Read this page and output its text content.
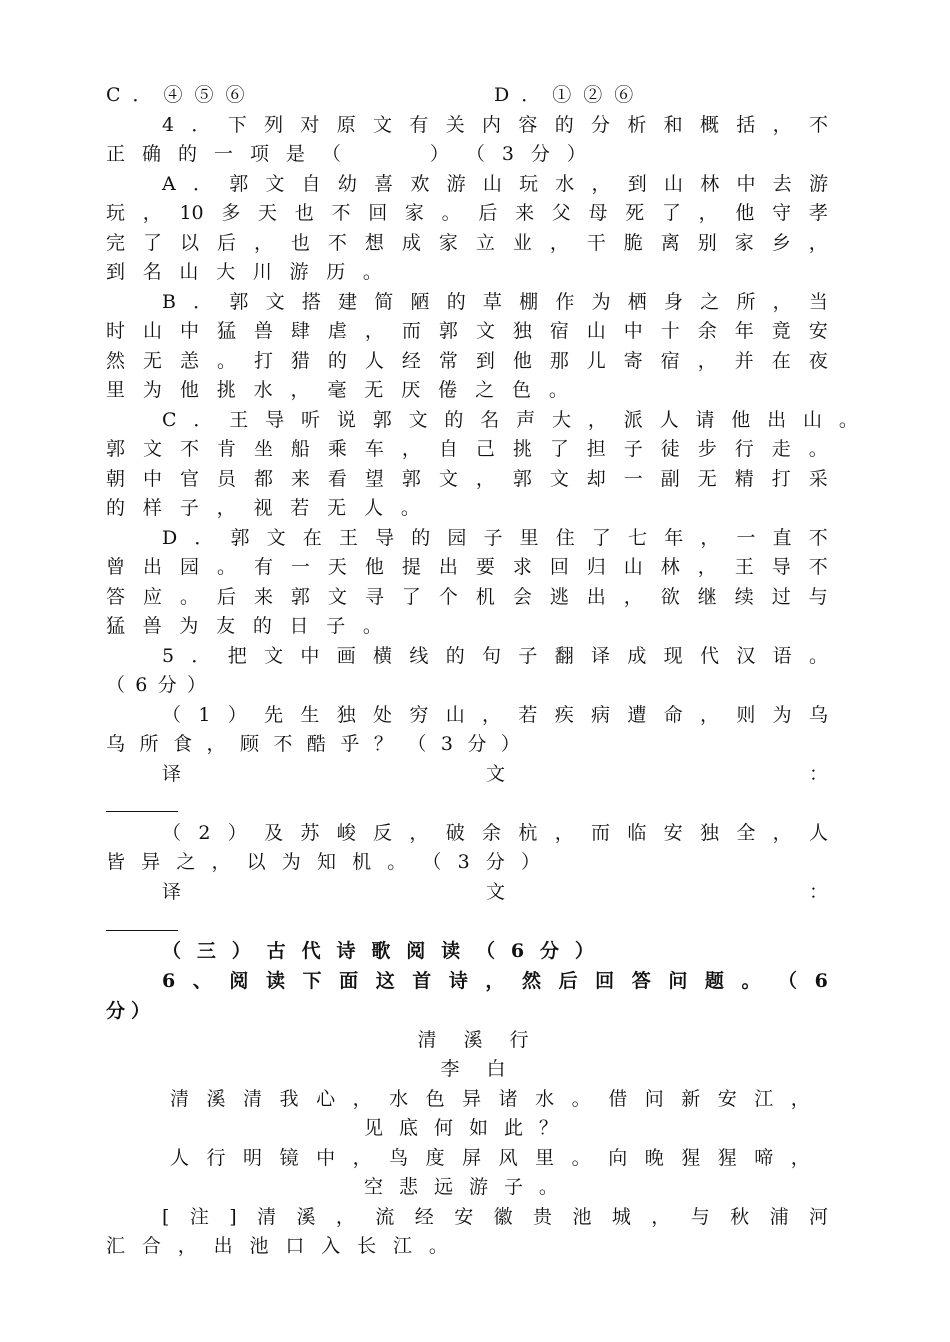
C．④⑤⑥	D．①②⑥
4 ． 下 列 对 原 文 有 关 内 容 的 分 析 和 概 括 ， 不
正 确 的 一 项 是 （

　	） （ 3 分 ）
A ． 郭 文 自 幼 喜 欢 游 山 玩 水 ， 到 山 林 中 去 游
玩 ， 10 多 天 也 不 回 家 。 后 来 父 母 死 了 ， 他 守 孝
完 了 以 后 ， 也 不 想 成 家 立 业 ， 干 脆 离 别 家 乡 ，
到 名 山 大 川 游 历 。
B ． 郭 文 搭 建 简 陋 的 草 棚 作 为 栖 身 之 所 ， 当
时 山 中 猛 兽 肆 虐 ， 而 郭 文 独 宿 山 中 十 余 年 竟 安
然 无 恙 。 打 猎 的 人 经 常 到 他 那 儿 寄 宿 ， 并 在 夜
里 为 他 挑 水 ， 毫 无 厌 倦 之 色 。
C ． 王 导 听 说 郭 文 的 名 声 大 ， 派 人 请 他 出 山 。
郭 文 不 肯 坐 船 乘 车 ， 自 己 挑 了 担 子 徒 步 行 走 。
朝 中 官 员 都 来 看 望 郭 文 ， 郭 文 却 一 副 无 精 打 采
的 样 子 ， 视 若 无 人 。
D ． 郭 文 在 王 导 的 园 子 里 住 了 七 年 ， 一 直 不
曾 出 园 。 有 一 天 他 提 出 要 求 回 归 山 林 ， 王 导 不
答 应 。 后 来 郭 文 寻 了 个 机 会 逃 出 ， 欲 继 续 过 与
猛 兽 为 友 的 日 子 。
5 ． 把 文 中 画 横 线 的 句 子 翻 译 成 现 代 汉 语 。
（ 6 分 ）
（ 1 ） 先 生 独 处 穷 山 ， 若 疾 病 遭 命 ， 则 为 乌
乌 所 食 ， 顾 不 酷 乎 ？ （ 3 分 ）
译	文	：
（ 2 ） 及 苏 峻 反 ， 破 余 杭 ， 而 临 安 独 全 ， 人
皆 异 之 ， 以 为 知 机 。 （ 3 分 ）
译	文	：
（ 三 ） 古 代 诗 歌 阅 读 （ 6 分 ）
6 、 阅 读 下 面 这 首 诗 ， 然 后 回 答 问 题 。 （ 6
分 ）
清　溪　行
李　白
清 溪 清 我 心 ， 水 色 异 诸 水 。 借 问 新 安 江 ，
见 底 何 如 此 ？
人 行 明 镜 中 ， 鸟 度 屏 风 里 。 向 晚 猩 猩 啼 ，
空 悲 远 游 子 。
[ 注 ] 清 溪 ， 流 经 安 徽 贵 池 城 ， 与 秋 浦 河
汇 合 ， 出 池 口 入 长 江 。
